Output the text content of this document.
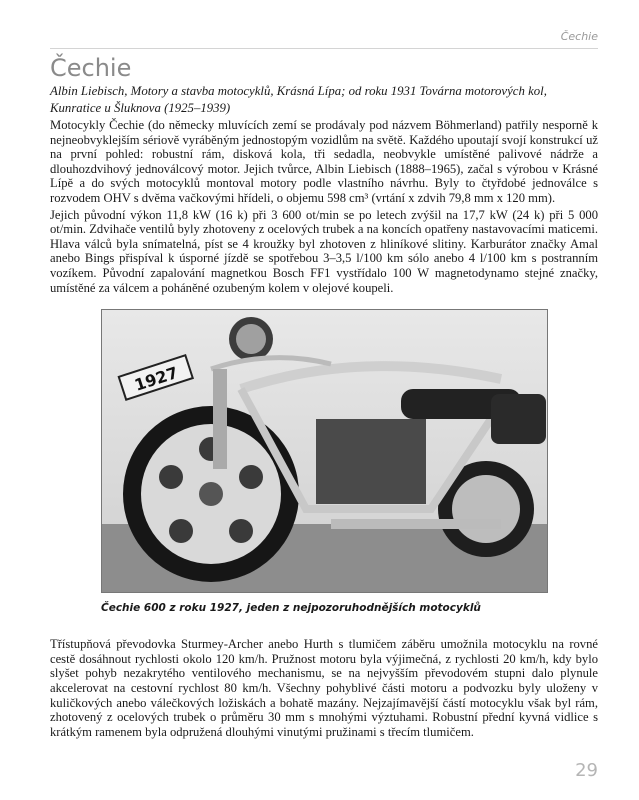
Čechie
Čechie
Albin Liebisch, Motory a stavba motocyklů, Krásná Lípa; od roku 1931 Továrna motorových kol, Kunratice u Šluknova (1925–1939)

Motocykly Čechie (do německy mluvících zemí se prodávaly pod názvem Böhmerland) patřily nesporně k nejneobvyklejším sériově vyráběným jednostopým vozidlům na světě. Každého upoutají svojí konstrukcí už na první pohled: robustní rám, disková kola, tři sedadla, neobvykle umístěné palivové nádrže a dlouhozdvihový jednoválcový motor. Jejich tvůrce, Albin Liebisch (1888–1965), začal s výrobou v Krásné Lípě a do svých motocyklů montoval motory podle vlastního návrhu. Byly to čtyřdobé jednoválce s rozvodem OHV s dvěma vačkovými hřídeli, o objemu 598 cm³ (vrtání x zdvih 79,8 mm x 120 mm).

Jejich původní výkon 11,8 kW (16 k) při 3 600 ot/min se po letech zvýšil na 17,7 kW (24 k) při 5 000 ot/min. Zdvihače ventilů byly zhotoveny z ocelových trubek a na koncích opatřeny nastavovacími maticemi. Hlava válců byla snímatelná, píst se 4 kroužky byl zhotoven z hliníkové slitiny. Karburátor značky Amal anebo Bings přispíval k úsporné jízdě se spotřebou 3–3,5 l/100 km sólo anebo 4 l/100 km s postranním vozíkem. Původní zapalování magnetkou Bosch FF1 vystřídalo 100 W magnetodynamo stejné značky, umístěné za válcem a poháněné ozubeným kolem v olejové koupeli.

1927
Čechie 600 z roku 1927, jeden z nejpozoruhodnějších motocyklů

Třístupňová převodovka Sturmey-Archer anebo Hurth s tlumičem záběru umožnila motocyklu na rovné cestě dosáhnout rychlosti okolo 120 km/h. Pružnost motoru byla výjimečná, z rychlosti 20 km/h, kdy bylo slyšet pohyb nezakrytého ventilového mechanismu, se na nejvyšším převodovém stupni dalo plynule akcelerovat na cestovní rychlost 80 km/h. Všechny pohyblivé části motoru a podvozku byly uloženy v kuličkových anebo válečkových ložiskách a bohatě mazány. Nejzajímavější částí motocyklu však byl rám, zhotovený z ocelových trubek o průměru 30 mm s mnohými výztuhami. Robustní přední kyvná vidlice s krátkým ramenem byla odpružená dlouhými vinutými pružinami s třecím tlumičem.

29
